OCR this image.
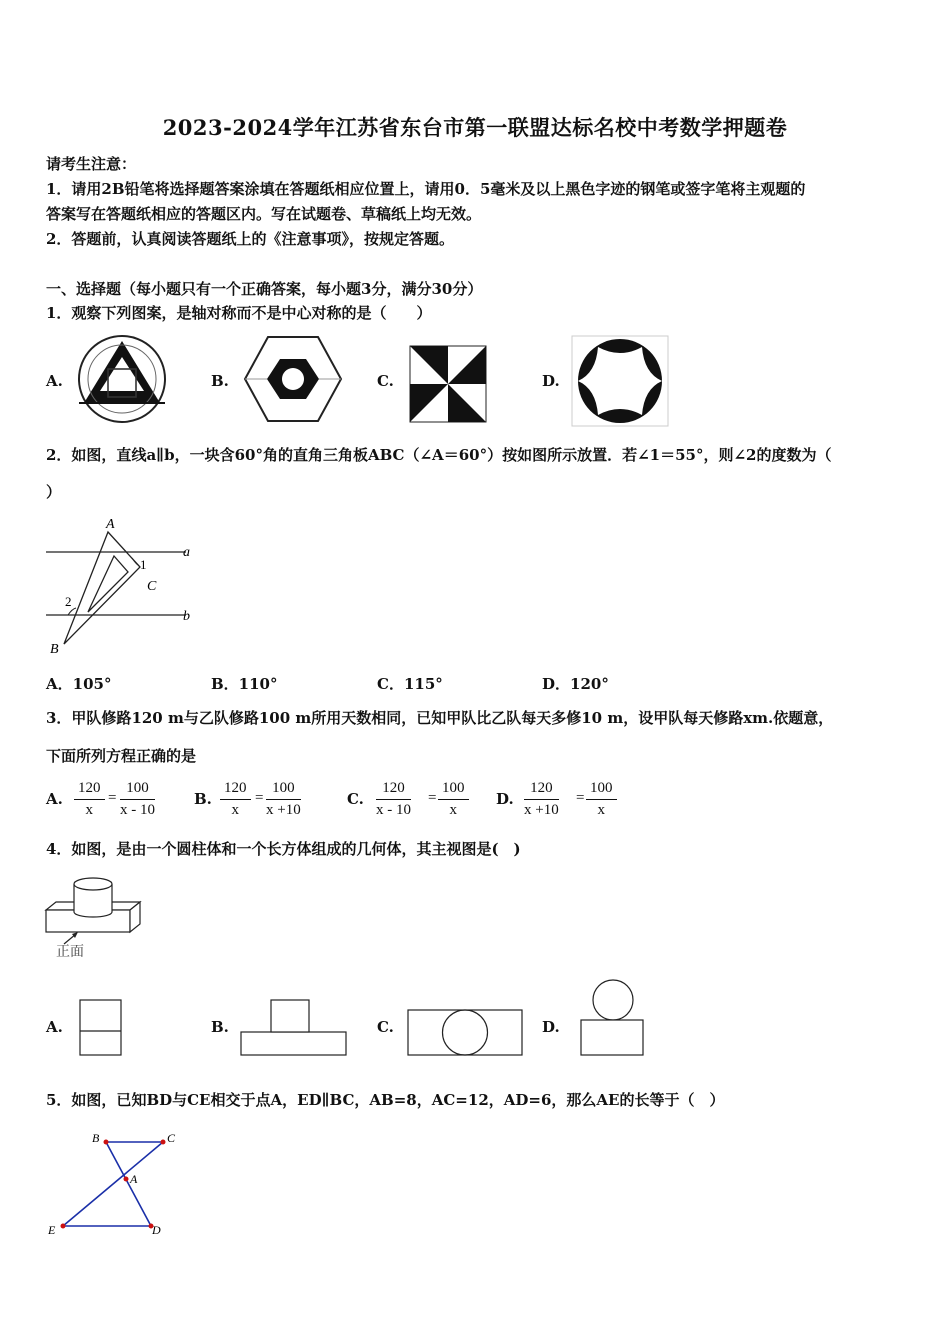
2023-2024学年江苏省东台市第一联盟达标名校中考数学押题卷
请考生注意：
1．请用2B铅笔将选择题答案涂填在答题纸相应位置上，请用0．5毫米及以上黑色字迹的钢笔或签字笔将主观题的
答案写在答题纸相应的答题区内。写在试题卷、草稿纸上均无效。
2．答题前，认真阅读答题纸上的《注意事项》，按规定答题。
一、选择题（每小题只有一个正确答案，每小题3分，满分30分）
1．观察下列图案，是轴对称而不是中心对称的是（　　）
A.	B.	C.	D.
2．如图，直线a∥b，一块含60°角的直角三角板ABC（∠A＝60°）按如图所示放置．若∠1＝55°，则∠2的度数为（
）
A
B
C
a
b
1
2
A．105°	B．110°	C．115°	D．120°
3．甲队修路120 m与乙队修路100 m所用天数相同，已知甲队比乙队每天多修10 m，设甲队每天修路xm.依题意，
下面所列方程正确的是
A. $\frac{120}{x} = \frac{100}{x - 10}$	B. $\frac{120}{x} = \frac{100}{x +10}$	C. $\frac{120}{x - 10} = \frac{100}{x} D$. $\frac{120}{x +10} = \frac{100}{x}$
4．如图，是由一个圆柱体和一个长方体组成的几何体，其主视图是(　)
正面
A.	B.	C.	D.
5．如图，已知BD与CE相交于点A，ED∥BC，AB=8，AC=12，AD=6，那么AE的长等于（　）
B	C
A
E	D
